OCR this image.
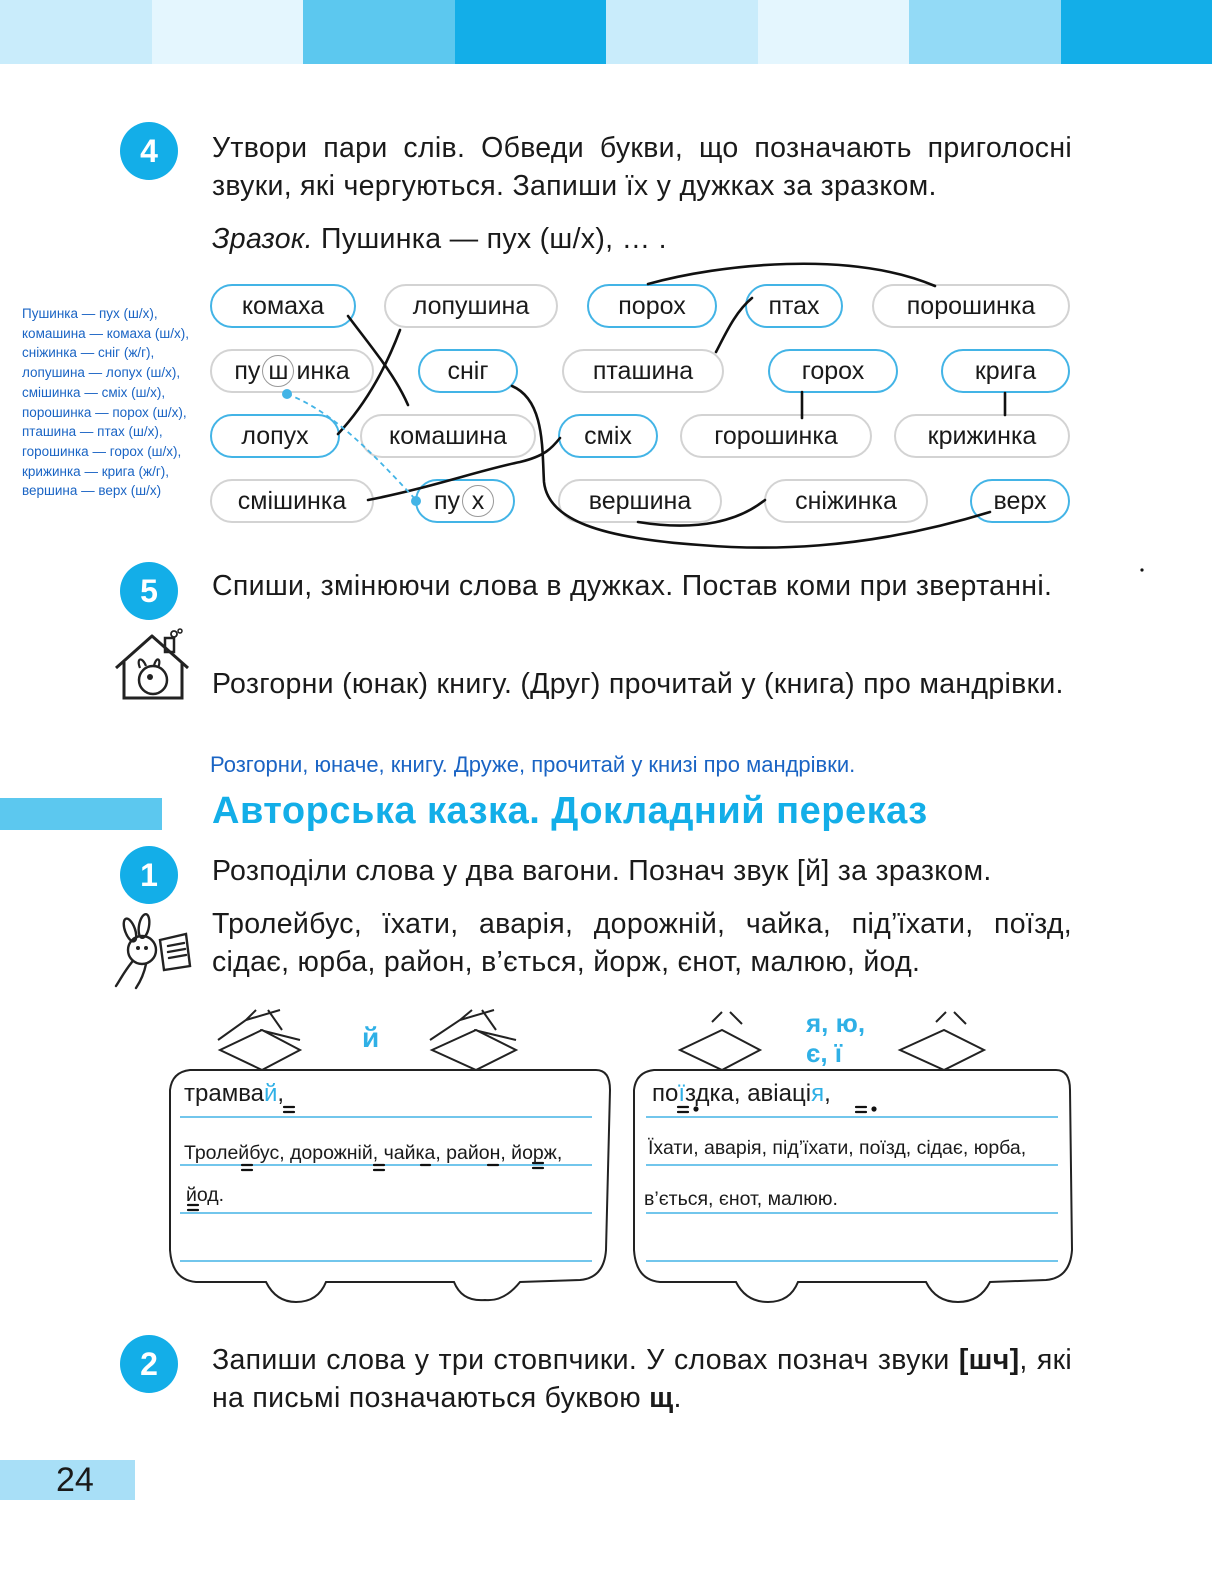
4	Утвори пари слів. Обведи букви, що позначають приголосні звуки, які чергуються. Запиши їх у дужках за зразком.
Зразок. Пушинка — пух (ш/х), … .
Пушинка — пух (ш/х),
комашина — комаха (ш/х),
сніжинка — сніг (ж/г),
лопушина — лопух (ш/х),
смішинка — сміх (ш/х),
порошинка — порох (ш/х),
пташина — птах (ш/х),
горошинка — горох (ш/х),
крижинка — крига (ж/г),
вершина — верх (ш/х)
комаха	лопушина	порох	птах	порошинка
пу ш инка	сніг	пташина	горох	крига
лопух	комашина	сміх	горошинка	крижинка
смішинка	пу х	вершина	сніжинка	верх
5	Спиши, змінюючи слова в дужках. Постав коми при звертанні.
Розгорни (юнак) книгу. (Друг) прочитай у (книга) про мандрівки.
Розгорни, юначе, книгу. Друже, прочитай у книзі про мандрівки.
Авторська казка. Докладний переказ
1	Розподіли слова у два вагони. Познач звук [й] за зразком.
Тролейбус, їхати, аварія, дорожній, чайка, під’їхати, поїзд, сідає, юрба, район, в’ється, йорж, єнот, малюю, йод.
й	я, ю,
є, ї
трамвай,
Тролейбус, дорожній, чайка, район, йорж,
йод.
поїздка, авіація,
Їхати, аварія, під’їхати, поїзд, сідає, юрба,
в’ється, єнот, малюю.
2	Запиши слова у три стовпчики. У словах познач звуки [шч], які на письмі позначаються буквою щ.
24
